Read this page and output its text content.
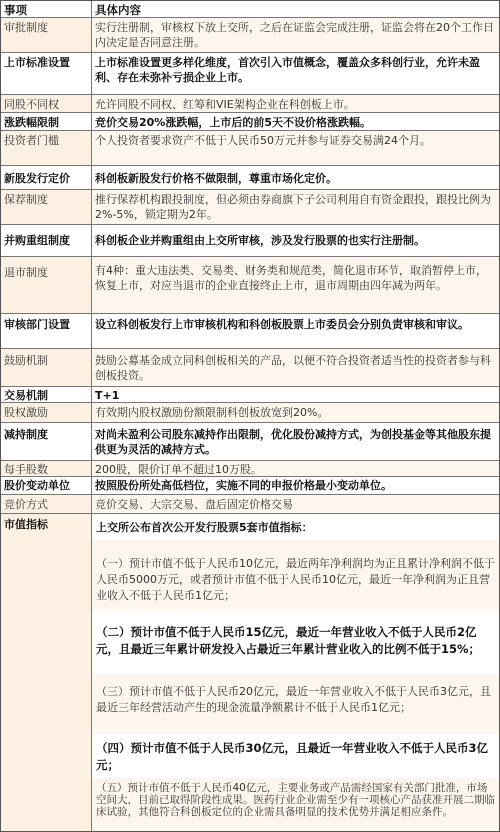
事项	具体内容
审批制度	实行注册制，审核权下放上交所，之后在证监会完成注册，证监会将在20个工作日内决定是否同意注册。
上市标准设置	上市标准设置更多样化维度，首次引入市值概念，覆盖众多科创行业，允许未盈利、存在未弥补亏损企业上市。
同股不同权	允许同股不同权、红筹和VIE架构企业在科创板上市。
涨跌幅限制	竞价交易20%涨跌幅，上市后的前5天不设价格涨跌幅。
投资者门槛	个人投资者要求资产不低于人民币50万元并参与证券交易满24个月。
新股发行定价	科创板新股发行价格不做限制，尊重市场化定价。
保荐制度	推行保荐机构跟投制度，但必须由券商旗下子公司利用自有资金跟投，跟投比例为2%-5%，锁定期为2年。
并购重组制度	科创板企业并购重组由上交所审核，涉及发行股票的也实行注册制。
退市制度	有4种：重大违法类、交易类、财务类和规范类，简化退市环节，取消暂停上市，恢复上市，对应当退市的企业直接终止上市，退市周期由四年减为两年。
审核部门设置	设立科创板发行上市审核机构和科创板股票上市委员会分别负责审核和审议。
鼓励机制	鼓励公募基金成立同科创板相关的产品，以便不符合投资者适当性的投资者参与科创板投资。
交易机制	T+1
股权激励	有效期内股权激励份额限制科创板放宽到20%。
减持制度	对尚未盈利公司股东减持作出限制，优化股份减持方式，为创投基金等其他股东提供更为灵活的减持方式。
每手股数	200股，限价订单不超过10万股。
股价变动单位	按照股份所处高低档位，实施不同的申报价格最小变动单位。
竞价方式	竞价交易、大宗交易、盘后固定价格交易
市值指标	上交所公布首次公开发行股票5套市值指标：
（一）预计市值不低于人民币10亿元，最近两年净利润均为正且累计净利润不低于人民币5000万元，或者预计市值不低于人民币10亿元，最近一年净利润为正且营业收入不低于人民币1亿元；
（二）预计市值不低于人民币15亿元，最近一年营业收入不低于人民币2亿元，且最近三年累计研发投入占最近三年累计营业收入的比例不低于15%；
（三）预计市值不低于人民币20亿元，最近一年营业收入不低于人民币3亿元，且最近三年经营活动产生的现金流量净额累计不低于人民币1亿元；
（四）预计市值不低于人民币30亿元，且最近一年营业收入不低于人民币3亿元；
（五）预计市值不低于人民币40亿元，主要业务或产品需经国家有关部门批准，市场空间大，目前已取得阶段性成果。医药行业企业需至少有一项核心产品获准开展二期临床试验，其他符合科创板定位的企业需具备明显的技术优势并满足相应条件。
